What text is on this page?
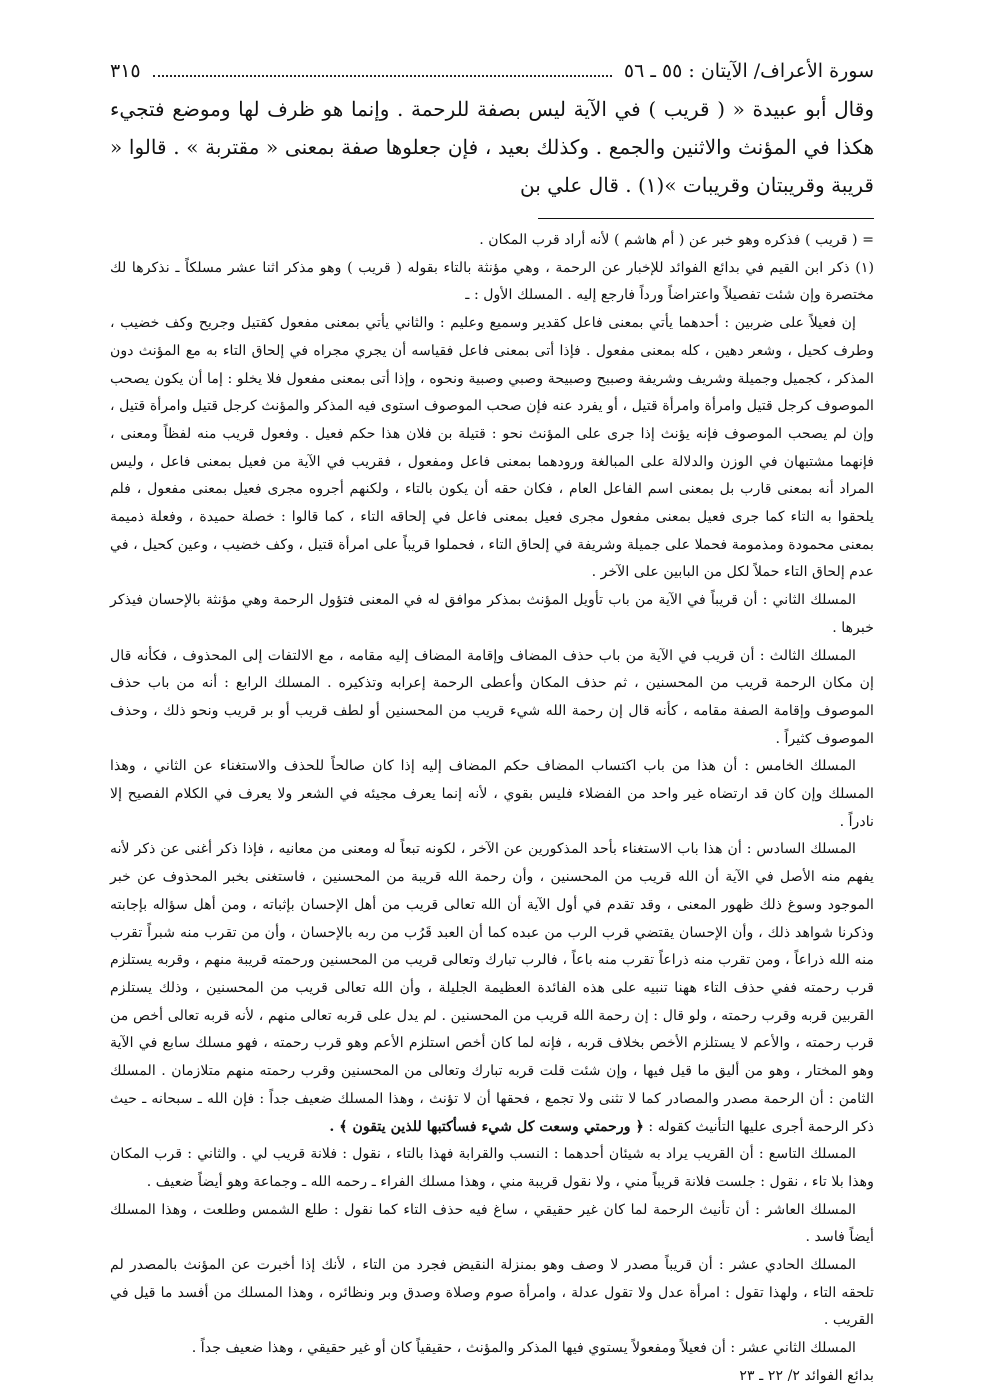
سورة الأعراف/ الآيتان : ٥٥ ـ ٥٦
٣١٥

وقال أبو عبيدة « ( قريب ) في الآية ليس بصفة للرحمة . وإنما هو ظرف لها وموضع فتجيء هكذا في المؤنث والاثنين والجمع . وكذلك بعيد ، فإن جعلوها صفة بمعنى « مقتربة » . قالوا « قريبة وقريبتان وقريبات »(١) . قال علي بن

= ( قريب ) فذكره وهو خبر عن ( أم هاشم ) لأنه أراد قرب المكان .

(١) ذكر ابن القيم في بدائع الفوائد للإخبار عن الرحمة ، وهي مؤنثة بالتاء بقوله ( قريب ) وهو مذكر اثنا عشر مسلكاً ـ نذكرها لك مختصرة وإن شئت تفصيلاً واعتراضاً ورداً فارجع إليه . المسلك الأول : ـ

إن فعيلاً على ضربين : أحدهما يأتي بمعنى فاعل كقدير وسميع وعليم : والثاني يأتي بمعنى مفعول كقتيل وجريح وكف خضيب ، وطرف كحيل ، وشعر دهين ، كله بمعنى مفعول . فإذا أتى بمعنى فاعل فقياسه أن يجري مجراه في إلحاق التاء به مع المؤنث دون المذكر ، كجميل وجميلة وشريف وشريفة وصبيح وصبيحة وصبي وصبية ونحوه ، وإذا أتى بمعنى مفعول فلا يخلو : إما أن يكون يصحب الموصوف كرجل قتيل وامرأة وامرأة قتيل ، أو يفرد عنه فإن صحب الموصوف استوى فيه المذكر والمؤنث كرجل قتيل وامرأة قتيل ، وإن لم يصحب الموصوف فإنه يؤنث إذا جرى على المؤنث نحو : قتيلة بن فلان هذا حكم فعيل . وفعول قريب منه لفظاً ومعنى ، فإنهما مشتبهان في الوزن والدلالة على المبالغة ورودهما بمعنى فاعل ومفعول ، فقريب في الآية من فعيل بمعنى فاعل ، وليس المراد أنه بمعنى قارب بل بمعنى اسم الفاعل العام ، فكان حقه أن يكون بالتاء ، ولكنهم أجروه مجرى فعيل بمعنى مفعول ، فلم يلحقوا به التاء كما جرى فعيل بمعنى مفعول مجرى فعيل بمعنى فاعل في إلحاقه التاء ، كما قالوا : خصلة حميدة ، وفعلة ذميمة بمعنى محمودة ومذمومة فحملا على جميلة وشريفة في إلحاق التاء ، فحملوا قريباً على امرأة قتيل ، وكف خضيب ، وعين كحيل ، في عدم إلحاق التاء حملاً لكل من البابين على الآخر .

المسلك الثاني : أن قريباً في الآية من باب تأويل المؤنث بمذكر موافق له في المعنى فتؤول الرحمة وهي مؤنثة بالإحسان فيذكر خبرها .

المسلك الثالث : أن قريب في الآية من باب حذف المضاف وإقامة المضاف إليه مقامه ، مع الالتفات إلى المحذوف ، فكأنه قال إن مكان الرحمة قريب من المحسنين ، ثم حذف المكان وأعطى الرحمة إعرابه وتذكيره . المسلك الرابع : أنه من باب حذف الموصوف وإقامة الصفة مقامه ، كأنه قال إن رحمة الله شيء قريب من المحسنين أو لطف قريب أو بر قريب ونحو ذلك ، وحذف الموصوف كثيراً .

المسلك الخامس : أن هذا من باب اكتساب المضاف حكم المضاف إليه إذا كان صالحاً للحذف والاستغناء عن الثاني ، وهذا المسلك وإن كان قد ارتضاه غير واحد من الفضلاء فليس بقوي ، لأنه إنما يعرف مجيئه في الشعر ولا يعرف في الكلام الفصيح إلا نادراً .

المسلك السادس : أن هذا باب الاستغناء بأحد المذكورين عن الآخر ، لكونه تبعاً له ومعنى من معانيه ، فإذا ذكر أغنى عن ذكر لأنه يفهم منه الأصل في الآية أن الله قريب من المحسنين ، وأن رحمة الله قريبة من المحسنين ، فاستغنى بخبر المحذوف عن خبر الموجود وسوغ ذلك ظهور المعنى ، وقد تقدم في أول الآية أن الله تعالى قريب من أهل الإحسان بإثباته ، ومن أهل سؤاله بإجابته وذكرنا شواهد ذلك ، وأن الإحسان يقتضي قرب الرب من عبده كما أن العبد قَرُب من ربه بالإحسان ، وأن من تقرب منه شبراً تقرب منه الله ذراعاً ، ومن تقرب منه ذراعاً تقرب منه باعاً ، فالرب تبارك وتعالى قريب من المحسنين ورحمته قريبة منهم ، وقربه يستلزم قرب رحمته ففي حذف التاء ههنا تنبيه على هذه الفائدة العظيمة الجليلة ، وأن الله تعالى قريب من المحسنين ، وذلك يستلزم القربين قربه وقرب رحمته ، ولو قال : إن رحمة الله قريب من المحسنين . لم يدل على قربه تعالى منهم ، لأنه قربه تعالى أخص من قرب رحمته ، والأعم لا يستلزم الأخص بخلاف قربه ، فإنه لما كان أخص استلزم الأعم وهو قرب رحمته ، فهو مسلك سابع في الآية وهو المختار ، وهو من أليق ما قيل فيها ، وإن شئت قلت قربه تبارك وتعالى من المحسنين وقرب رحمته منهم متلازمان . المسلك الثامن : أن الرحمة مصدر والمصادر كما لا تثنى ولا تجمع ، فحقها أن لا تؤنث ، وهذا المسلك ضعيف جداً : فإن الله ـ سبحانه ـ حيث ذكر الرحمة أجرى عليها التأنيث كقوله : ﴿ ورحمتي وسعت كل شيء فسأكتبها للذين يتقون ﴾ .

المسلك التاسع : أن القريب يراد به شيئان أحدهما : النسب والقرابة فهذا بالتاء ، نقول : فلانة قريب لي . والثاني : قرب المكان وهذا بلا تاء ، نقول : جلست فلانة قريباً مني ، ولا نقول قريبة مني ، وهذا مسلك الفراء ـ رحمه الله ـ وجماعة وهو أيضاً ضعيف .

المسلك العاشر : أن تأنيث الرحمة لما كان غير حقيقي ، ساغ فيه حذف التاء كما نقول : طلع الشمس وطلعت ، وهذا المسلك أيضاً فاسد .

المسلك الحادي عشر : أن قريباً مصدر لا وصف وهو بمنزلة النقيض فجرد من التاء ، لأنك إذا أخبرت عن المؤنث بالمصدر لم تلحقه التاء ، ولهذا تقول : امرأة عدل ولا تقول عدلة ، وامرأة صوم وصلاة وصدق وبر ونظائره ، وهذا المسلك من أفسد ما قيل في القريب .

المسلك الثاني عشر : أن فعيلاً ومفعولاً يستوي فيها المذكر والمؤنث ، حقيقياً كان أو غير حقيقي ، وهذا ضعيف جداً .

بدائع الفوائد ٢/ ٢٢ ـ ٢٣
